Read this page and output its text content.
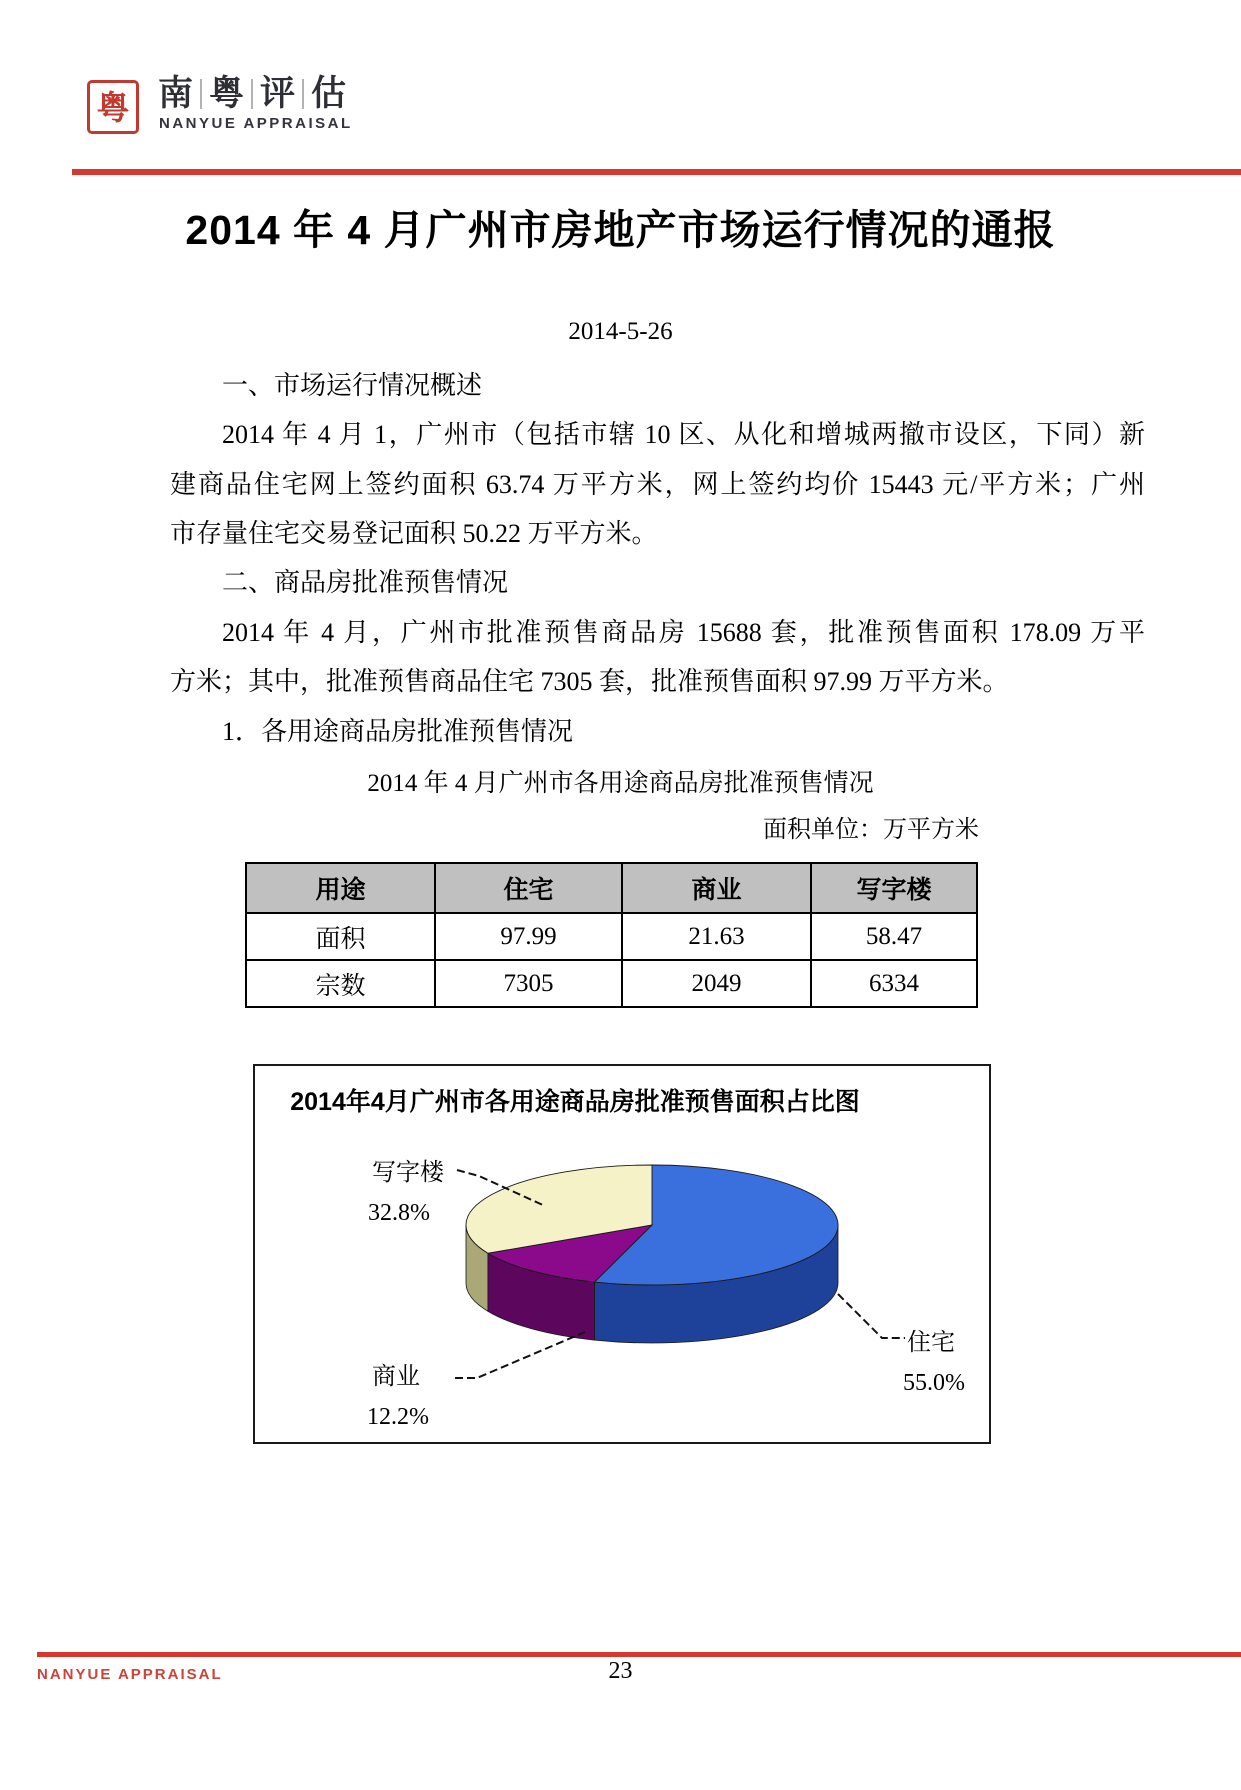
粤 南 粤 评 估
NANYUE APPRAISAL
2014 年 4 月广州市房地产市场运行情况的通报
2014-5-26
一、市场运行情况概述
2014 年 4 月 1，广州市（包括市辖 10 区、从化和增城两撤市设区，下同）新
建商品住宅网上签约面积 63.74 万平方米，网上签约均价 15443 元/平方米；广州
市存量住宅交易登记面积 50.22 万平方米。
二、商品房批准预售情况
2014 年 4 月，广州市批准预售商品房 15688 套，批准预售面积 178.09 万平
方米；其中，批准预售商品住宅 7305 套，批准预售面积 97.99 万平方米。
1．各用途商品房批准预售情况
2014 年 4 月广州市各用途商品房批准预售情况
面积单位：万平方米
用途	住宅	商业	写字楼
面积	97.99	21.63	58.47
宗数	7305	2049	6334
2014年4月广州市各用途商品房批准预售面积占比图
住宅
55.0%
商业
12.2%
写字楼
32.8%
NANYUE APPRAISAL	23
